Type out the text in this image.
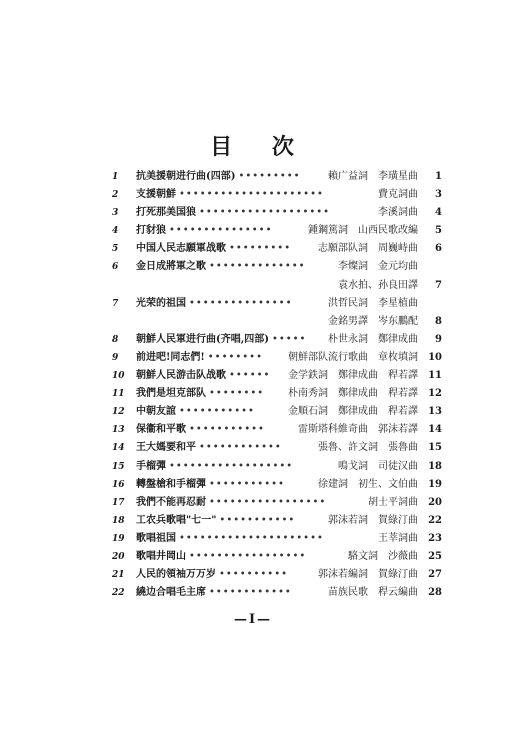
目 次
1	抗美援朝进行曲(四部) •••••••••	賴广益詞　李璜星曲	1
2	支援朝鮮 •••••••••••••••••••••	費克詞曲	3
3	打死那美国狼 •••••••••••••••••••	李溪詞曲	4
4	打豺狼 •••••••••••••••	鍾鋼篤詞　山西民歌改編	5
5	中国人民志願軍战歌 •••••••••	志願部队詞　周巍峙曲	6
6	金日成將軍之歌 ••••••••••••••	李燦詞　金元均曲
袁水拍、孙良田譯	7
7	光荣的祖国 •••••••••••••••	洪哲民詞　李星植曲
金銘男譯　岑东鵬配	8
8	朝鮮人民軍进行曲(齐唱,四部) •••••	朴世永詞　鄭律成曲	9
9	前进吧!同志們! ••••••••	朝鮮部队流行歌曲　章枚填詞	10
10 朝鮮人民游击队战歌 ••••••	金学鉄詞　鄭律成曲　稈若譯	11
11 我們是坦克部队 ••••••••	朴南秀詞　鄭律成曲　稈若譯	12
12 中朝友誼 •••••••••••	金順石詞　鄭律成曲　稈若譯	13
13 保衞和平歌 •••••••••••	雷斯塔科維奇曲　郭沫若譯	14
14 王大媽要和平 ••••••••••••	張魯、許文詞　張魯曲	15
15 手榴彈 ••••••••••••••••••	鳴戈詞　司徒汉曲	18
16 轉盤槍和手榴彈 •••••••••••	徐建詞　初生、文伯曲	19
17 我們不能再忍耐 •••••••••••••••••	胡士平詞曲	20
18 工农兵歌唱"七一" •••••••••••	郭沫若詞　賀綠汀曲	22
19 歌唱祖国 •••••••••••••••••••••	王莘詞曲	23
20 歌唱井岡山 •••••••••••••••••	駱文詞　沙薇曲	25
21 人民的領袖万万岁 ••••••••••	郭沫若編詞　賀綠汀曲	27
22 繞边合唱毛主席 ••••••••••••	苗族民歌　稈云編曲	28
—I—
